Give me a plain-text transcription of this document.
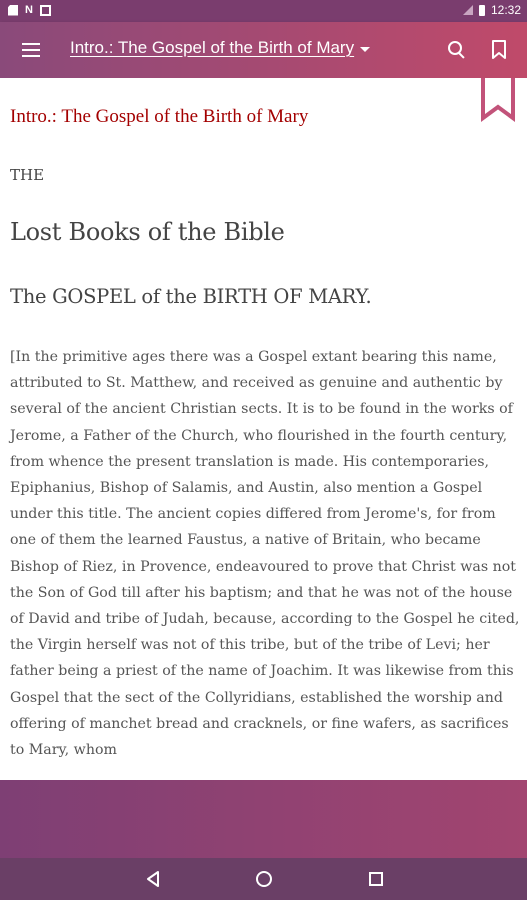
N	12:32
Intro.: The Gospel of the Birth of Mary
Intro.: The Gospel of the Birth of Mary
THE
Lost Books of the Bible
The GOSPEL of the BIRTH OF MARY.

[In the primitive ages there was a Gospel extant bearing this name, attributed to St. Matthew, and received as genuine and authentic by several of the ancient Christian sects. It is to be found in the works of Jerome, a Father of the Church, who flourished in the fourth century, from whence the present translation is made. His contemporaries, Epiphanius, Bishop of Salamis, and Austin, also mention a Gospel under this title. The ancient copies differed from Jerome's, for from one of them the learned Faustus, a native of Britain, who became Bishop of Riez, in Provence, endeavoured to prove that Christ was not the Son of God till after his baptism; and that he was not of the house of David and tribe of Judah, because, according to the Gospel he cited, the Virgin herself was not of this tribe, but of the tribe of Levi; her father being a priest of the name of Joachim. It was likewise from this Gospel that the sect of the Collyridians, established the worship and offering of manchet bread and cracknels, or fine wafers, as sacrifices to Mary, whom
